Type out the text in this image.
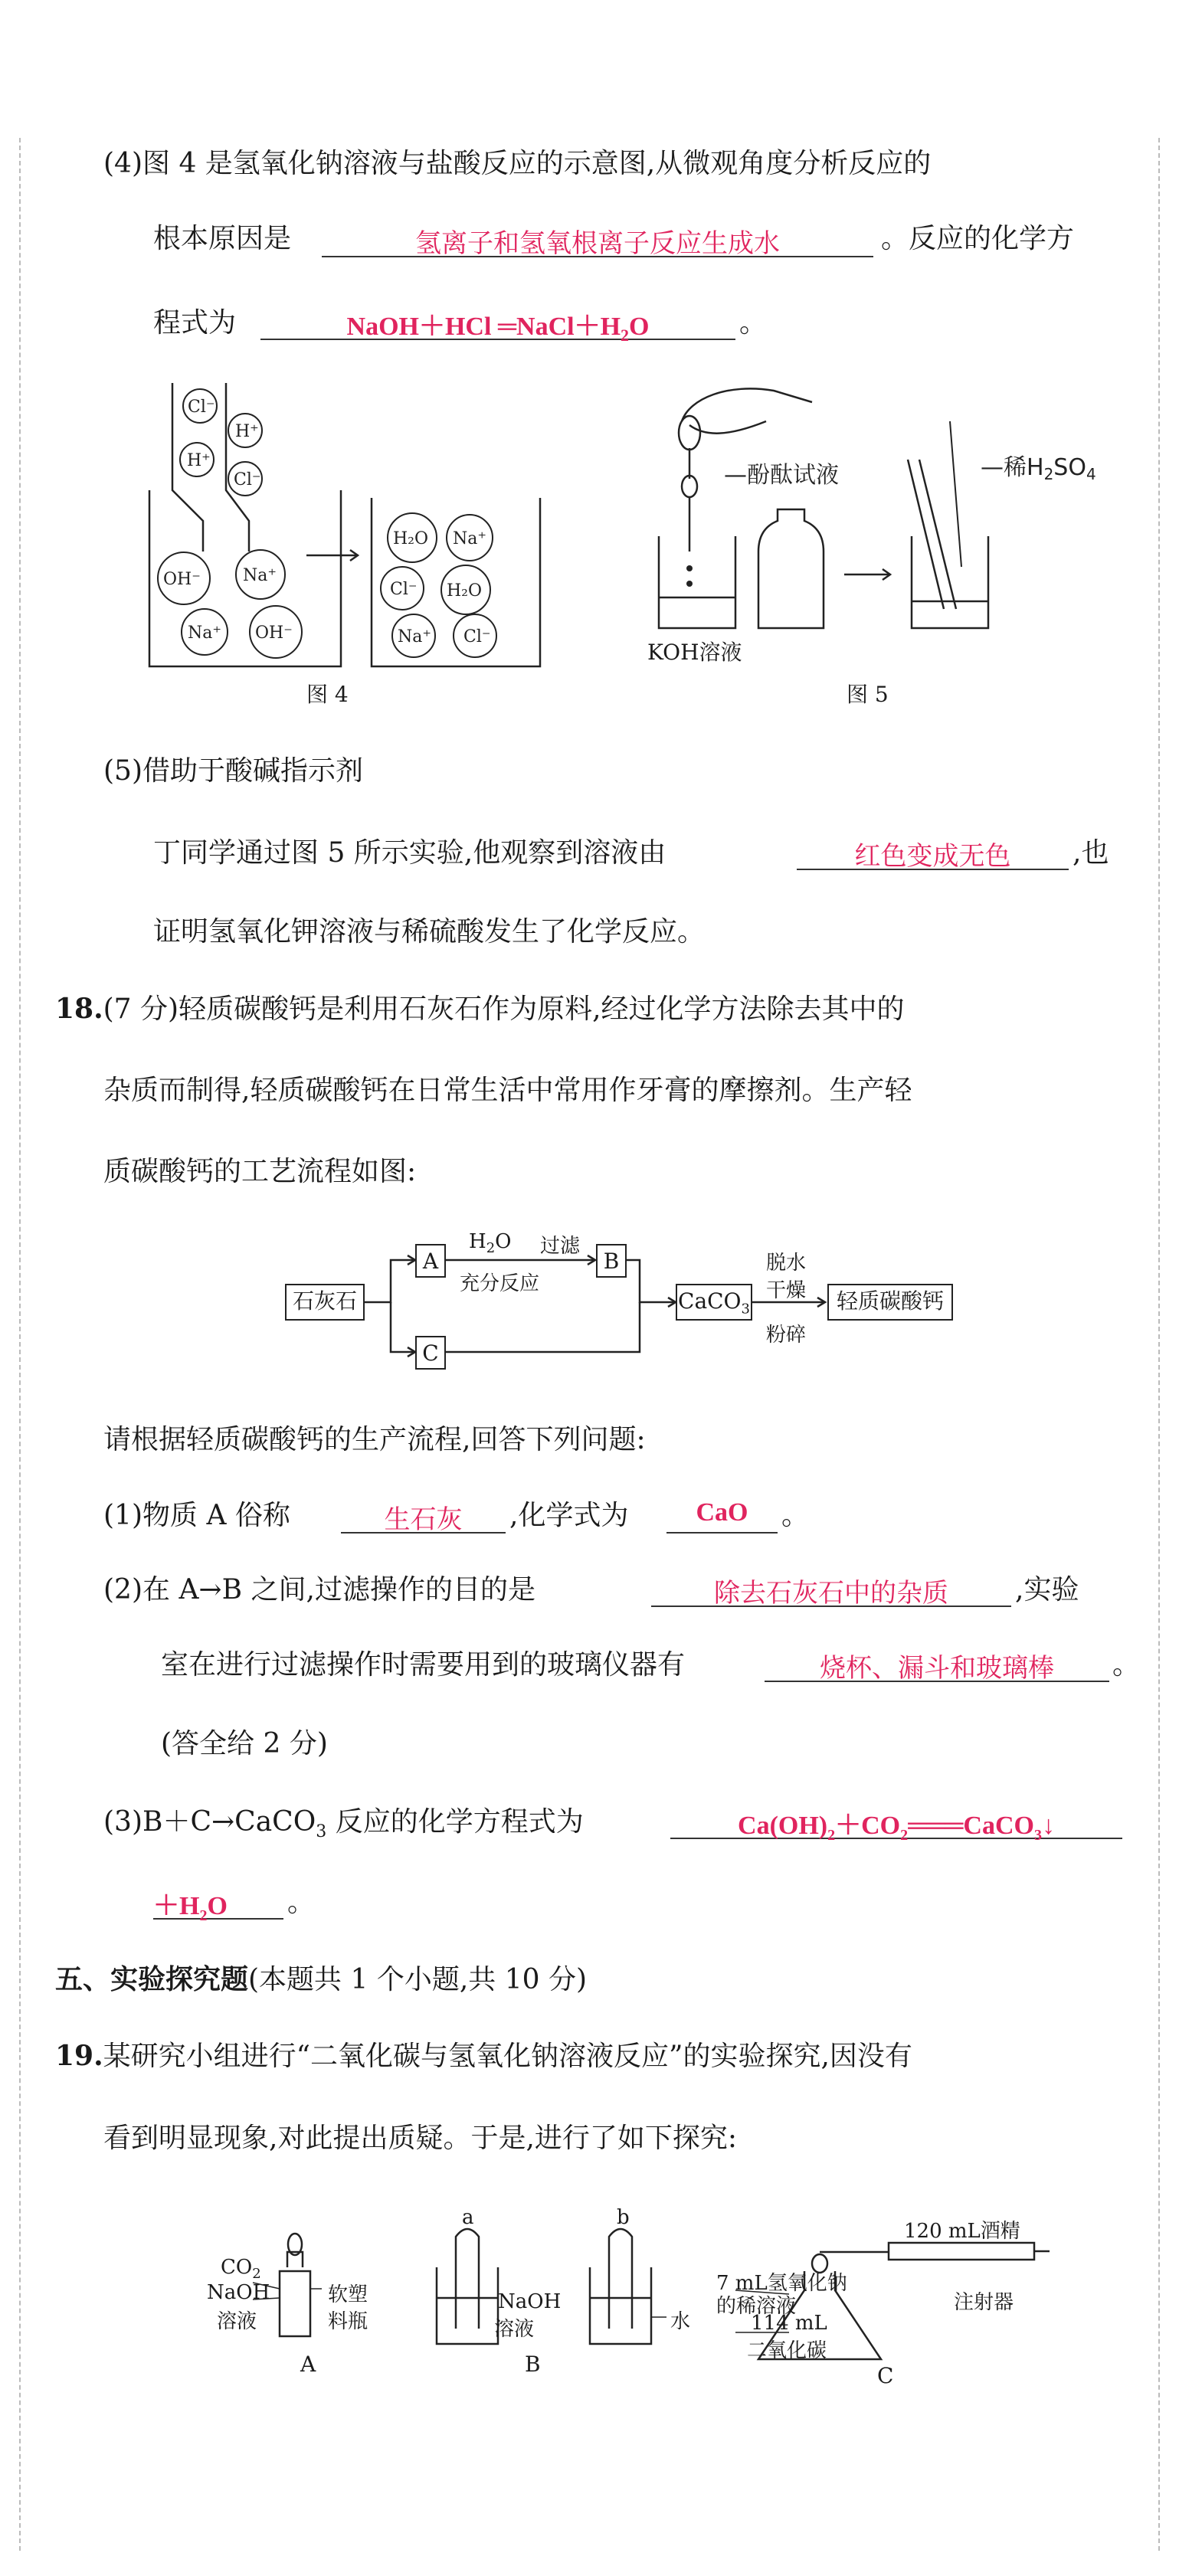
(4)图 4 是氢氧化钠溶液与盐酸反应的示意图,从微观角度分析反应的
根本原因是	氢离子和氢氧根离子反应生成水	。反应的化学方
程式为	NaOH＋HCl $═NaCl+H_2O$	。
Cl⁻
H⁺
H⁺
Cl⁻
OH⁻	Na⁺
Na⁺ OH⁻
H₂O Na⁺
Cl⁻ H₂O
Na⁺ Cl⁻
图 4
—酚酞试液	—稀$H_2SO_4$
KOH溶液
图 5
(5)借助于酸碱指示剂
丁同学通过图 5 所示实验,他观察到溶液由	红色变成无色	,也
证明氢氧化钾溶液与稀硫酸发生了化学反应。
18.(7 分)轻质碳酸钙是利用石灰石作为原料,经过化学方法除去其中的
杂质而制得,轻质碳酸钙在日常生活中常用作牙膏的摩擦剂。生产轻
质碳酸钙的工艺流程如图:
石灰石
A
C
B
CaCO$_3$	轻质碳酸钙
$H_2O$ 过滤
充分反应
脱水
干燥
粉碎
请根据轻质碳酸钙的生产流程,回答下列问题:
(1)物质 A 俗称	生石灰	,化学式为	CaO	。
(2)在 A→B 之间,过滤操作的目的是	除去石灰石中的杂质	,实验
室在进行过滤操作时需要用到的玻璃仪器有	烧杯、漏斗和玻璃棒	。
(答全给 2 分)
(3)B＋C→CaCO$_3$ 反应的化学方程式为	$Ca(OH)_2+CO_2═══CaCO_3↓$
$+H_2O$	。
五、实验探究题(本题共 1 个小题,共 10 分)
19.某研究小组进行“二氧化碳与氢氧化钠溶液反应”的实验探究,因没有
看到明显现象,对此提出质疑。于是,进行了如下探究:
$CO_2$
NaOH
溶液
软塑
料瓶
A
a
NaOH
溶液
b
水
B
7 mL氢氧化钠
的稀溶液
114 mL
二氧化碳
120 mL酒精
注射器
C
